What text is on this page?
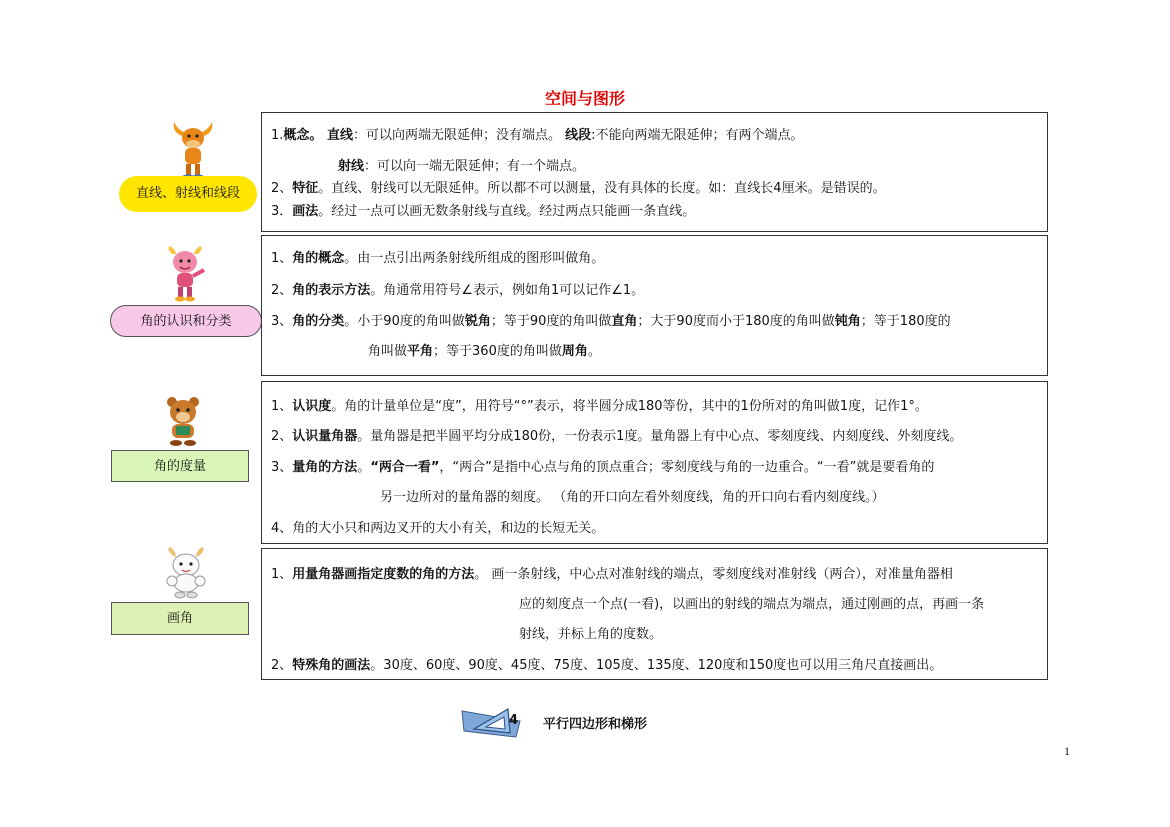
空间与图形
直线、射线和线段
1.概念。 直线：可以向两端无限延伸；没有端点。 线段:不能向两端无限延伸；有两个端点。
射线：可以向一端无限延伸；有一个端点。
2、特征。直线、射线可以无限延伸。所以都不可以测量，没有具体的长度。如：直线长4厘米。是错误的。
3．画法。经过一点可以画无数条射线与直线。经过两点只能画一条直线。
角的认识和分类
1、角的概念。由一点引出两条射线所组成的图形叫做角。
2、角的表示方法。角通常用符号∠表示，例如角1可以记作∠1。
3、角的分类。小于90度的角叫做锐角；等于90度的角叫做直角；大于90度而小于180度的角叫做钝角；等于180度的
角叫做平角；等于360度的角叫做周角。
角的度量
1、认识度。角的计量单位是“度”，用符号“°”表示，将半圆分成180等份，其中的1份所对的角叫做1度，记作1°。
2、认识量角器。量角器是把半圆平均分成180份，一份表示1度。量角器上有中心点、零刻度线、内刻度线、外刻度线。
3、量角的方法。“两合一看”，“两合”是指中心点与角的顶点重合；零刻度线与角的一边重合。“一看”就是要看角的
另一边所对的量角器的刻度。 （角的开口向左看外刻度线，角的开口向右看内刻度线。）
4、角的大小只和两边叉开的大小有关，和边的长短无关。
画角
1、用量角器画指定度数的角的方法。 画一条射线，中心点对准射线的端点，零刻度线对准射线（两合），对准量角器相
应的刻度点一个点(一看)，以画出的射线的端点为端点，通过刚画的点，再画一条
射线，并标上角的度数。
2、特殊角的画法。30度、60度、90度、45度、75度、105度、135度、120度和150度也可以用三角尺直接画出。
4 平行四边形和梯形
1
